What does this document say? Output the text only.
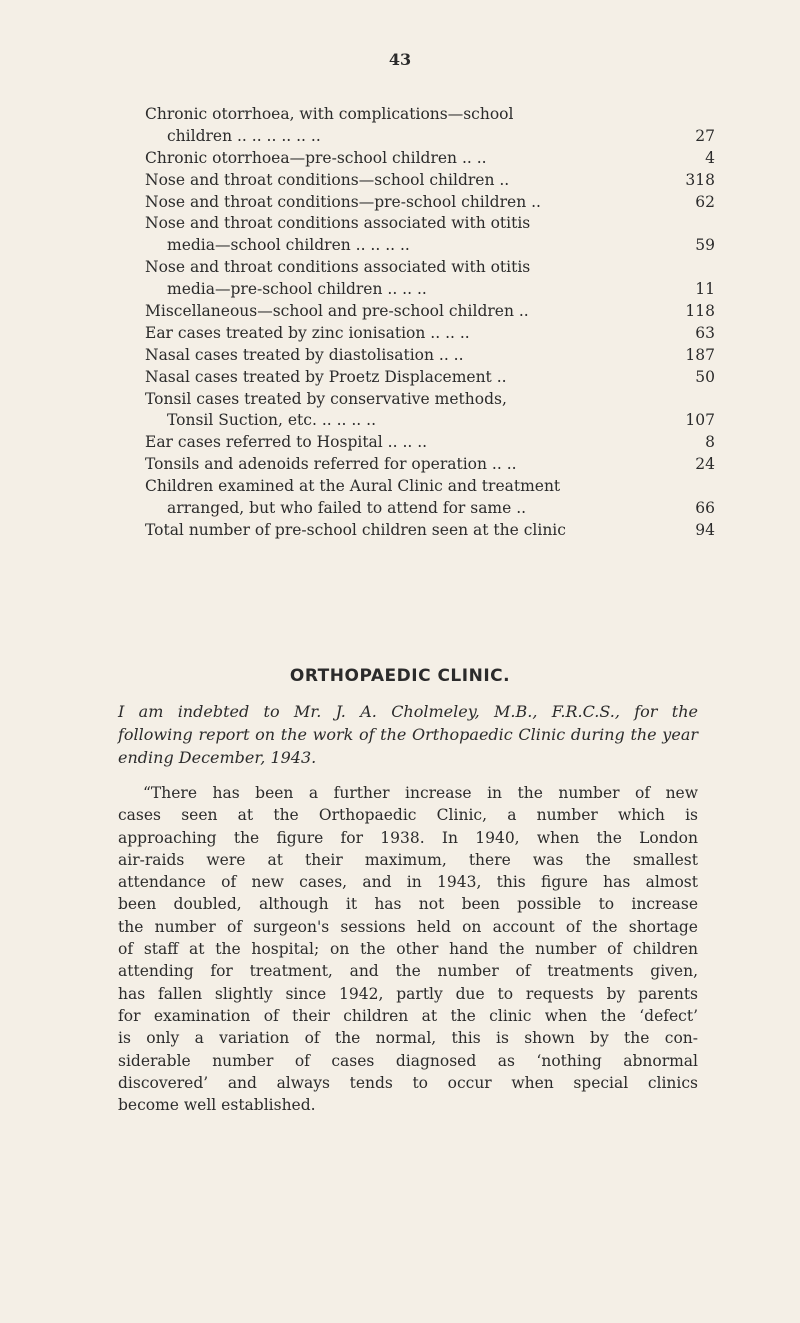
43
Chronic otorrhoea, with complications—school
children .. .. .. .. .. ..	27
Chronic otorrhoea—pre-school children .. ..	4
Nose and throat conditions—school children ..	318
Nose and throat conditions—pre-school children ..	62
Nose and throat conditions associated with otitis
media—school children .. .. .. ..	59
Nose and throat conditions associated with otitis
media—pre-school children .. .. ..	11
Miscellaneous—school and pre-school children ..	118
Ear cases treated by zinc ionisation .. .. ..	63
Nasal cases treated by diastolisation .. ..	187
Nasal cases treated by Proetz Displacement ..	50
Tonsil cases treated by conservative methods,
Tonsil Suction, etc. .. .. .. ..	107
Ear cases referred to Hospital .. .. ..	8
Tonsils and adenoids referred for operation .. ..	24
Children examined at the Aural Clinic and treatment
arranged, but who failed to attend for same ..	66
Total number of pre-school children seen at the clinic	94
ORTHOPAEDIC CLINIC.
I am indebted to Mr. J. A. Cholmeley, M.B., F.R.C.S., for the
following report on the work of the Orthopaedic Clinic during the year
ending December, 1943.
“There has been a further increase in the number of new
cases seen at the Orthopaedic Clinic, a number which is
approaching the figure for 1938. In 1940, when the London
air-raids were at their maximum, there was the smallest
attendance of new cases, and in 1943, this figure has almost
been doubled, although it has not been possible to increase
the number of surgeon's sessions held on account of the shortage
of staff at the hospital; on the other hand the number of children
attending for treatment, and the number of treatments given,
has fallen slightly since 1942, partly due to requests by parents
for examination of their children at the clinic when the ‘defect’
is only a variation of the normal, this is shown by the con-
siderable number of cases diagnosed as ‘nothing abnormal
discovered’ and always tends to occur when special clinics
become well established.
